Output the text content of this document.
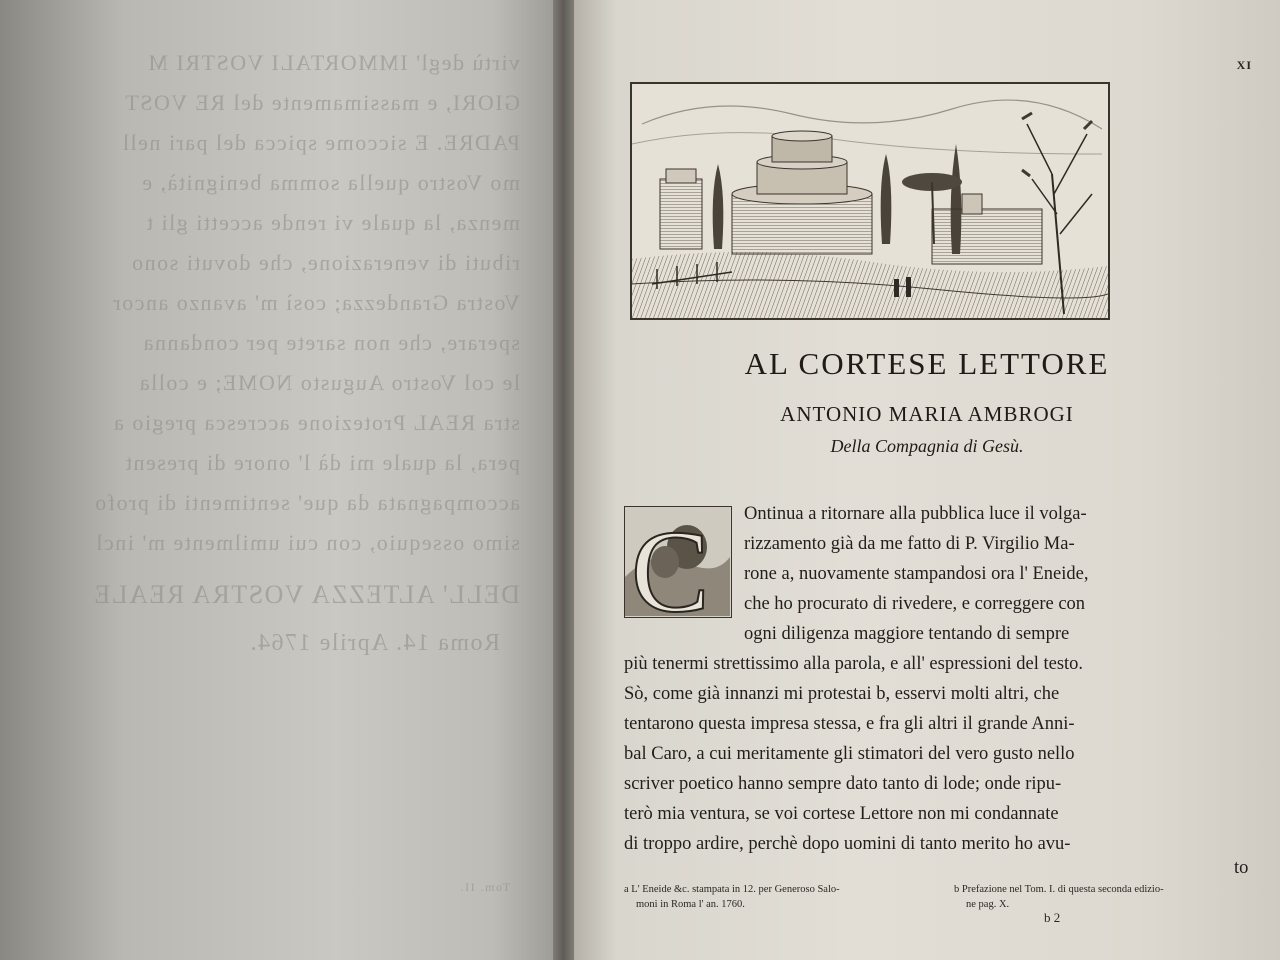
virtù degl' IMMORTALI VOSTRI M
GIORI, e massimamente del RE VOST
PADRE. E siccome spicca del pari nell
mo Vostro quella somma benignità, e
menza, la quale vi rende accetti gli t
ributi di venerazione, che dovuti sono
Vostra Grandezza; così m' avanzo ancor
sperare, che non sarete per condanna
le col Vostro Augusto NOME; e colla
stra REAL Protezione accresca pregio a
pera, la quale mi dà l' onore di present
accompagnata da que' sentimenti di profo
simo ossequio, con cui umilmente m' incl
DELL' ALTEZZA VOSTRA REALE
Roma 14. Aprile 1764.
Tom. II.
XI
AL CORTESE LETTORE
ANTONIO MARIA AMBROGI
Della Compagnia di Gesù.
C Ontinua a ritornare alla pubblica luce il volga-
rizzamento già da me fatto di P. Virgilio Ma-
rone a, nuovamente stampandosi ora l' Eneide,
che ho procurato di rivedere, e correggere con
ogni diligenza maggiore tentando di sempre
più tenermi strettissimo alla parola, e all' espressioni del testo.
Sò, come già innanzi mi protestai b, esservi molti altri, che
tentarono questa impresa stessa, e fra gli altri il grande Anni-
bal Caro, a cui meritamente gli stimatori del vero gusto nello
scriver poetico hanno sempre dato tanto di lode; onde ripu-
terò mia ventura, se voi cortese Lettore non mi condannate
di troppo ardire, perchè dopo uomini di tanto merito ho avu-
to
a L' Eneide &c. stampata in 12. per Generoso Salo-
moni in Roma l' an. 1760.
b Prefazione nel Tom. I. di questa seconda edizio-
ne pag. X.
b 2
